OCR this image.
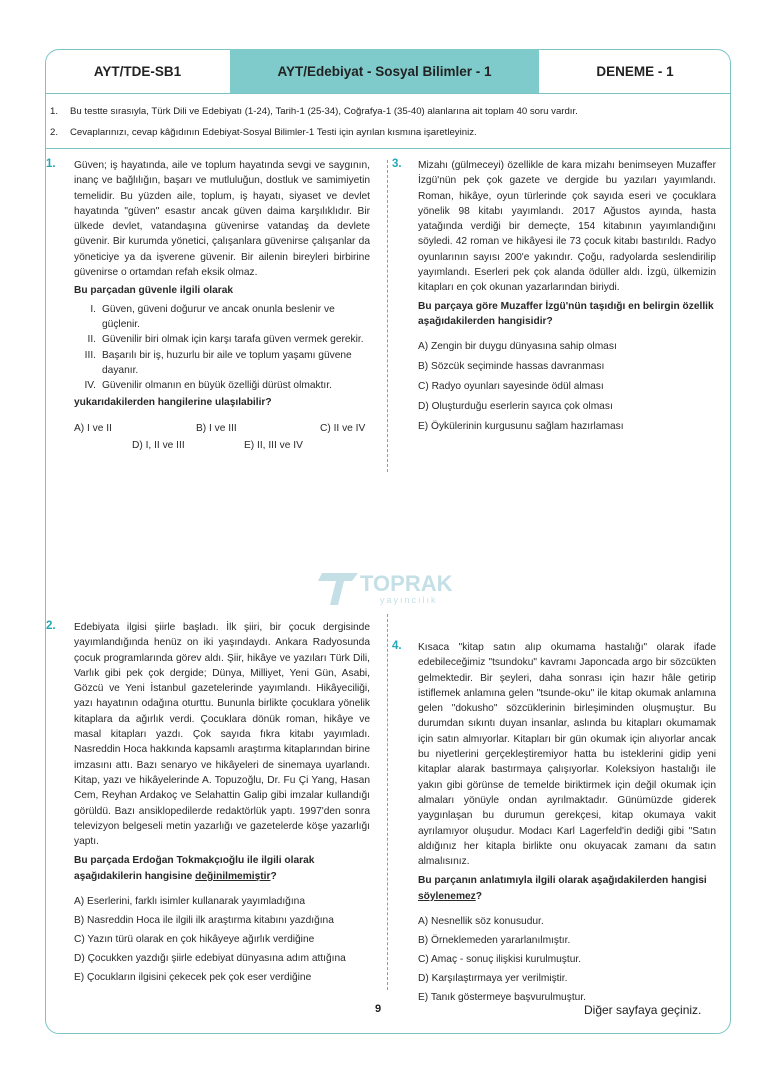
AYT/TDE-SB1	AYT/Edebiyat - Sosyal Bilimler - 1	DENEME - 1
1.	Bu testte sırasıyla, Türk Dili ve Edebiyatı (1-24), Tarih-1 (25-34), Coğrafya-1 (35-40) alanlarına ait toplam 40 soru vardır.
2.	Cevaplarınızı, cevap kâğıdının Edebiyat-Sosyal Bilimler-1 Testi için ayrılan kısmına işaretleyiniz.
1. Güven; iş hayatında, aile ve toplum hayatında sevgi ve saygının, inanç ve bağlılığın, başarı ve mutluluğun, dostluk ve samimiyetin temelidir. Bu yüzden aile, toplum, iş hayatı, siyaset ve devlet hayatında "güven" esastır ancak güven daima karşılıklıdır. Bir ülkede devlet, vatandaşına güvenirse vatandaş da devlete güvenir. Bir kurumda yönetici, çalışanlara güvenirse çalışanlar da yöneticiye ya da işverene güvenir. Bir ailenin bireyleri birbirine güvenirse o ortamdan refah eksik olmaz.
Bu parçadan güvenle ilgili olarak
I. Güven, güveni doğurur ve ancak onunla beslenir ve güçlenir.
II. Güvenilir biri olmak için karşı tarafa güven vermek gerekir.
III. Başarılı bir iş, huzurlu bir aile ve toplum yaşamı güvene dayanır.
IV. Güvenilir olmanın en büyük özelliği dürüst olmaktır.
yukarıdakilerden hangilerine ulaşılabilir?
A) I ve II	B) I ve III	C) II ve IV
D) I, II ve III	E) II, III ve IV
3. Mizahı (gülmeceyi) özellikle de kara mizahı benimseyen Muzaffer İzgü'nün pek çok gazete ve dergide bu yazıları yayımlandı. Roman, hikâye, oyun türlerinde çok sayıda eseri ve çocuklara yönelik 98 kitabı yayımlandı. 2017 Ağustos ayında, hasta yatağında verdiği bir demeçte, 154 kitabının yayımlandığını söyledi. 42 roman ve hikâyesi ile 73 çocuk kitabı bastırıldı. Radyo oyunlarının sayısı 200'e yakındır. Çoğu, radyolarda seslendirilip yayımlandı. Eserleri pek çok alanda ödüller aldı. İzgü, ülkemizin kitapları en çok okunan yazarlarından biriydi.
Bu parçaya göre Muzaffer İzgü'nün taşıdığı en belirgin özellik aşağıdakilerden hangisidir?
A) Zengin bir duygu dünyasına sahip olması
B) Sözcük seçiminde hassas davranması
C) Radyo oyunları sayesinde ödül alması
D) Oluşturduğu eserlerin sayıca çok olması
E) Öykülerinin kurgusunu sağlam hazırlaması
TOPRAK
yayıncılık
2. Edebiyata ilgisi şiirle başladı. İlk şiiri, bir çocuk dergisinde yayımlandığında henüz on iki yaşındaydı. Ankara Radyosunda çocuk programlarında görev aldı. Şiir, hikâye ve yazıları Türk Dili, Varlık gibi pek çok dergide; Dünya, Milliyet, Yeni Gün, Asabi, Gözcü ve Yeni İstanbul gazetelerinde yayımlandı. Hikâyeciliği, yazı hayatının odağına oturttu. Bununla birlikte çocuklara yönelik kitaplara da ağırlık verdi. Çocuklara dönük roman, hikâye ve masal kitapları yazdı. Çok sayıda fıkra kitabı yayımladı. Nasreddin Hoca hakkında kapsamlı araştırma kitaplarından birine imzasını attı. Bazı senaryo ve hikâyeleri de sinemaya uyarlandı. Kitap, yazı ve hikâyelerinde A. Topuzoğlu, Dr. Fu Çi Yang, Hasan Cem, Reyhan Ardakoç ve Selahattin Galip gibi imzalar kullandığı görüldü. Bazı ansiklopedilerde redaktörlük yaptı. 1997'den sonra televizyon belgeseli metin yazarlığı ve gazetelerde köşe yazarlığı yaptı.
Bu parçada Erdoğan Tokmakçıoğlu ile ilgili olarak aşağıdakilerin hangisine değinilmemiştir?
A) Eserlerini, farklı isimler kullanarak yayımladığına
B) Nasreddin Hoca ile ilgili ilk araştırma kitabını yazdığına
C) Yazın türü olarak en çok hikâyeye ağırlık verdiğine
D) Çocukken yazdığı şiirle edebiyat dünyasına adım attığına
E) Çocukların ilgisini çekecek pek çok eser verdiğine
4. Kısaca "kitap satın alıp okumama hastalığı" olarak ifade edebileceğimiz "tsundoku" kavramı Japoncada argo bir sözcükten gelmektedir. Bir şeyleri, daha sonrası için hazır hâle getirip istiflemek anlamına gelen "tsunde-oku" ile kitap okumak anlamına gelen "dokusho" sözcüklerinin birleşiminden oluşmuştur. Bu durumdan sıkıntı duyan insanlar, aslında bu kitapları okumamak için satın almıyorlar. Kitapları bir gün okumak için alıyorlar ancak bu niyetlerini gerçekleştiremiyor hatta bu isteklerini gidip yeni kitaplar alarak bastırmaya çalışıyorlar. Koleksiyon hastalığı ile yakın gibi görünse de temelde biriktirmek için değil okumak için almaları yönüyle ondan ayrılmaktadır. Günümüzde giderek yaygınlaşan bu durumun gerekçesi, kitap okumaya vakit ayrılamıyor oluşudur. Modacı Karl Lagerfeld'in dediği gibi "Satın aldığınız her kitapla birlikte onu okuyacak zamanı da satın almalısınız.
Bu parçanın anlatımıyla ilgili olarak aşağıdakilerden hangisi söylenemez?
A) Nesnellik söz konusudur.
B) Örneklemeden yararlanılmıştır.
C) Amaç - sonuç ilişkisi kurulmuştur.
D) Karşılaştırmaya yer verilmiştir.
E) Tanık göstermeye başvurulmuştur.
9	Diğer sayfaya geçiniz.
